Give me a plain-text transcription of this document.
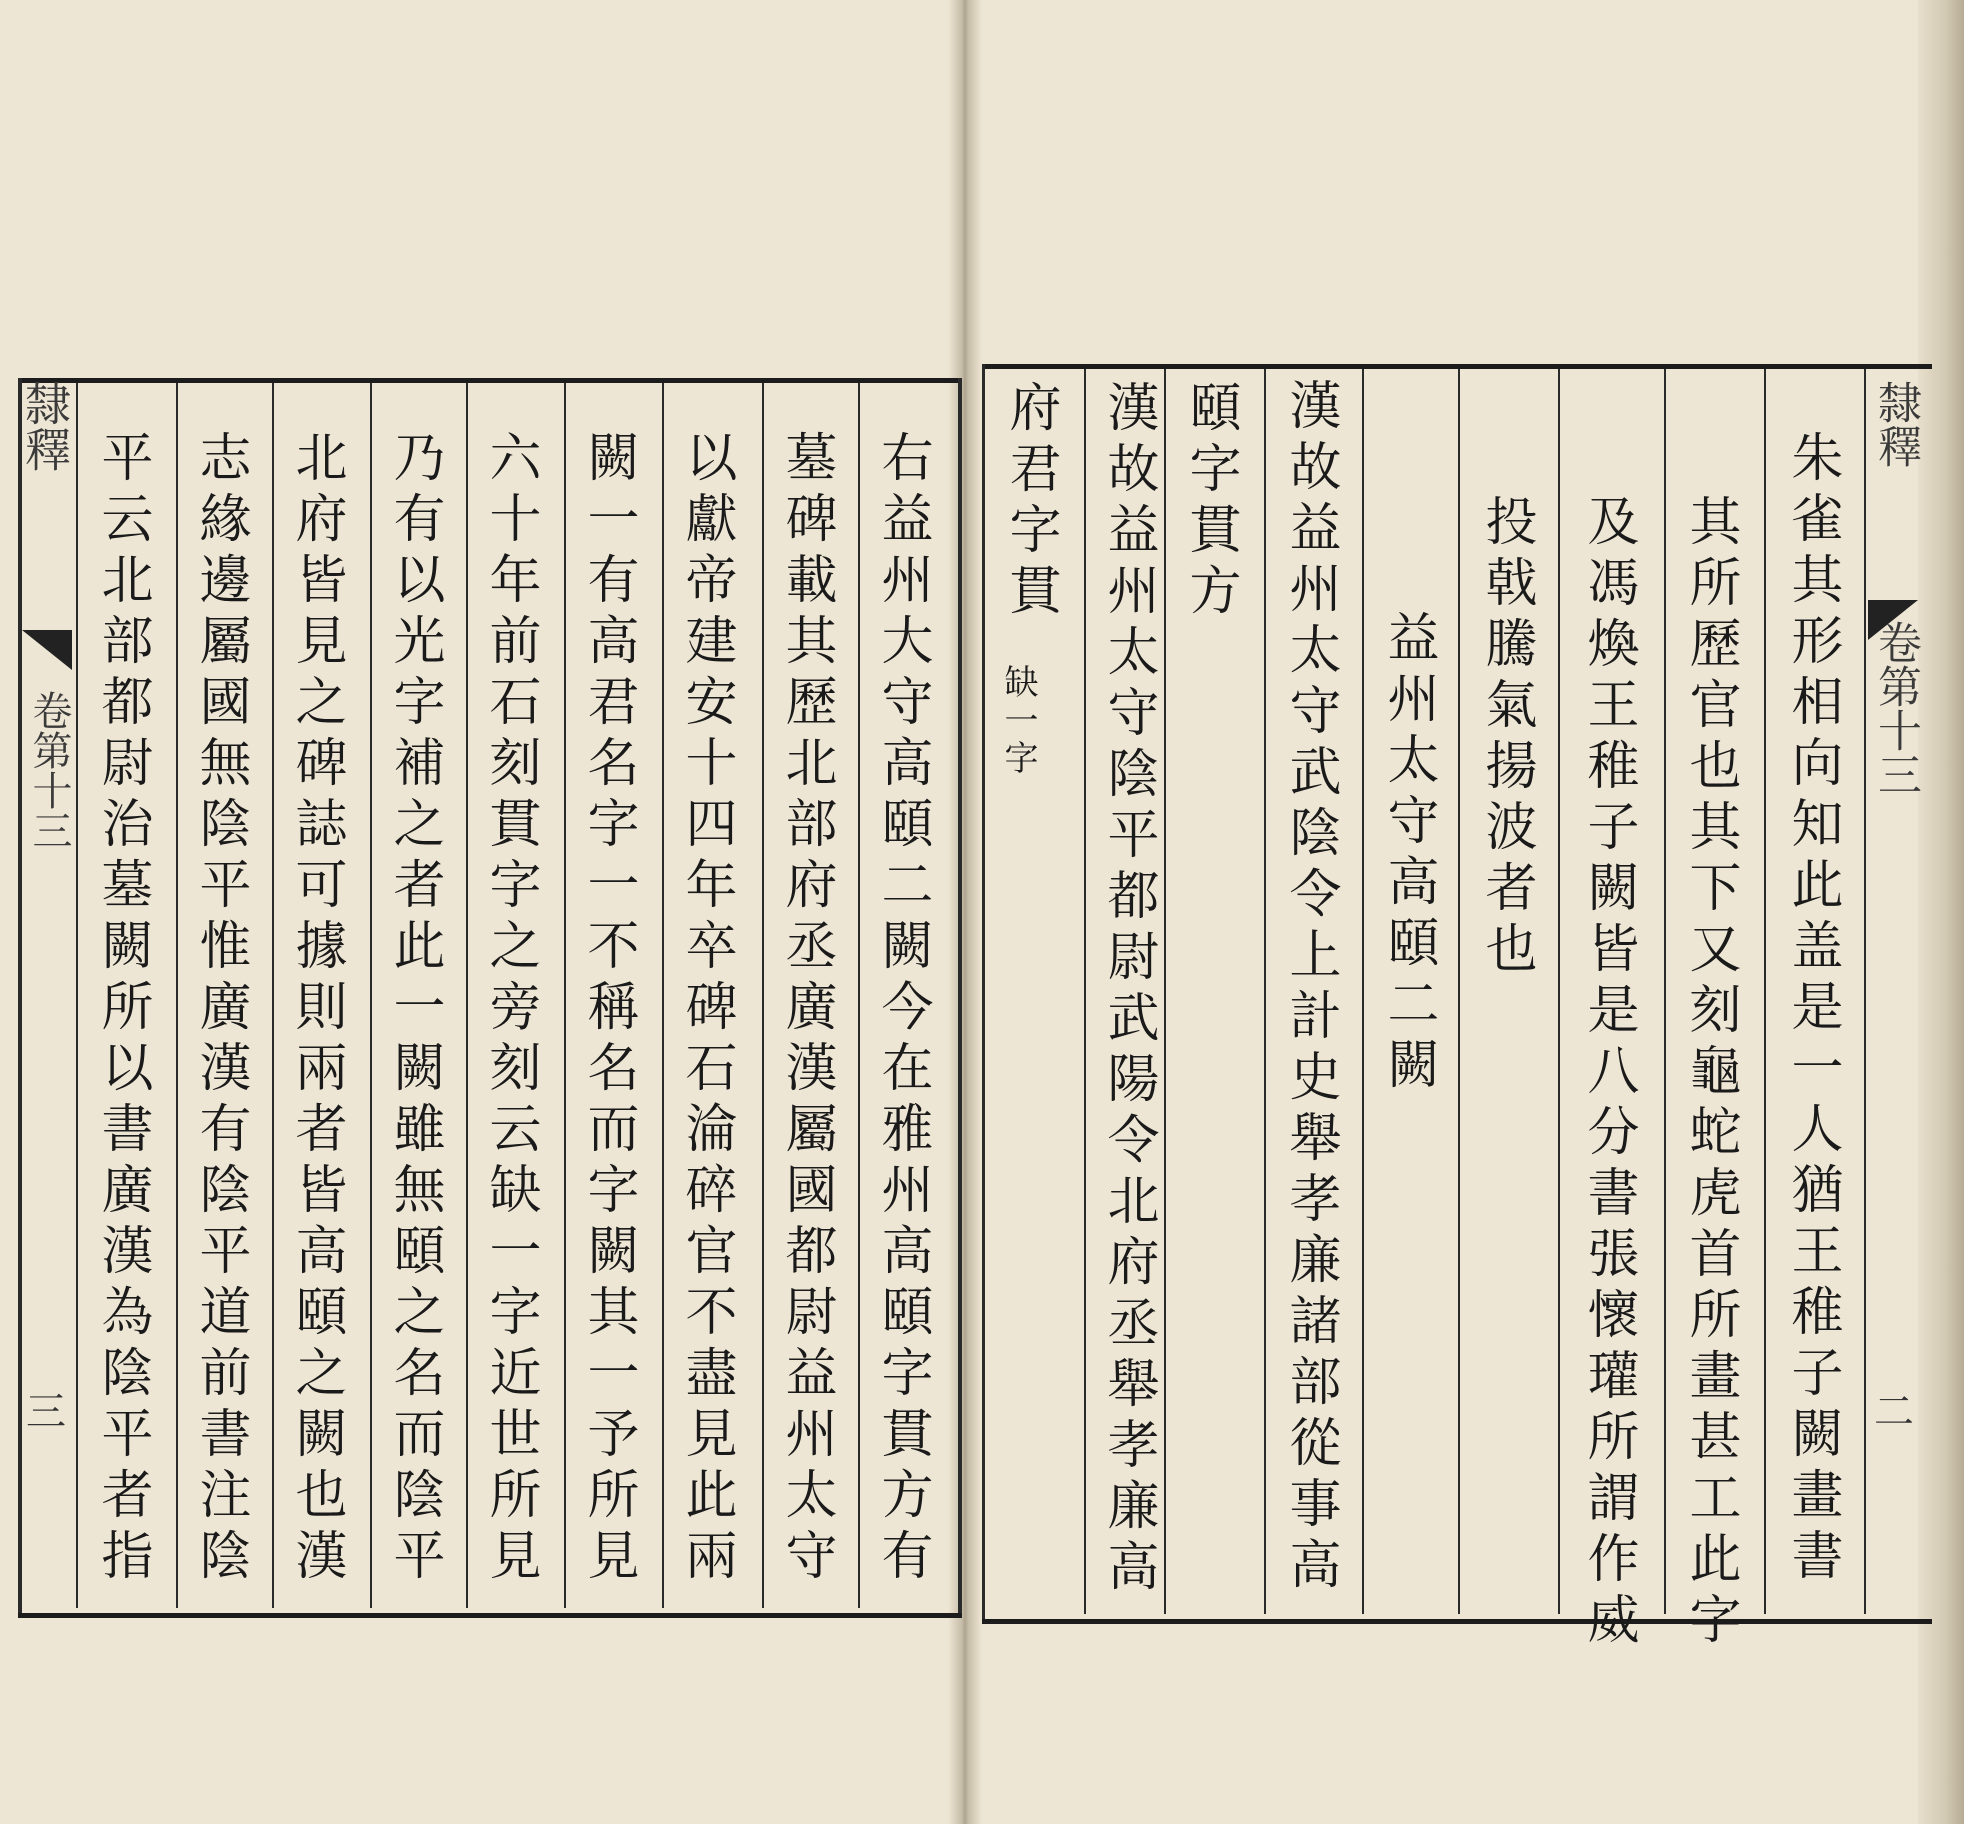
隸釋
卷第十三
三	右益州大守高頤二闕今在雅州高頤字貫方有
墓碑載其歷北部府丞廣漢屬國都尉益州太守
以獻帝建安十四年卒碑石淪碎官不盡見此兩
闕一有高君名字一不稱名而字闕其一予所見
六十年前石刻貫字之旁刻云缺一字近世所見
乃有以光字補之者此一闕雖無頤之名而陰平
北府皆見之碑誌可據則兩者皆高頤之闕也漢
志緣邊屬國無陰平惟廣漢有陰平道前書注陰
平云北部都尉治墓闕所以書廣漢為陰平者指
隸釋
卷第十三
二
朱雀其形相向知此盖是一人猶王稚子闕畫書
其所歷官也其下又刻龜蛇虎首所畫甚工此字
及馮煥王稚子闕皆是八分書張懷瓘所謂作威
投戟騰氣揚波者也
益州太守高頤二闕
漢故益州太守武陰令上計史舉孝廉諸部從事高
頤字貫方
漢故益州太守陰平都尉武陽令北府丞舉孝廉高
府君字貫
缺一字
